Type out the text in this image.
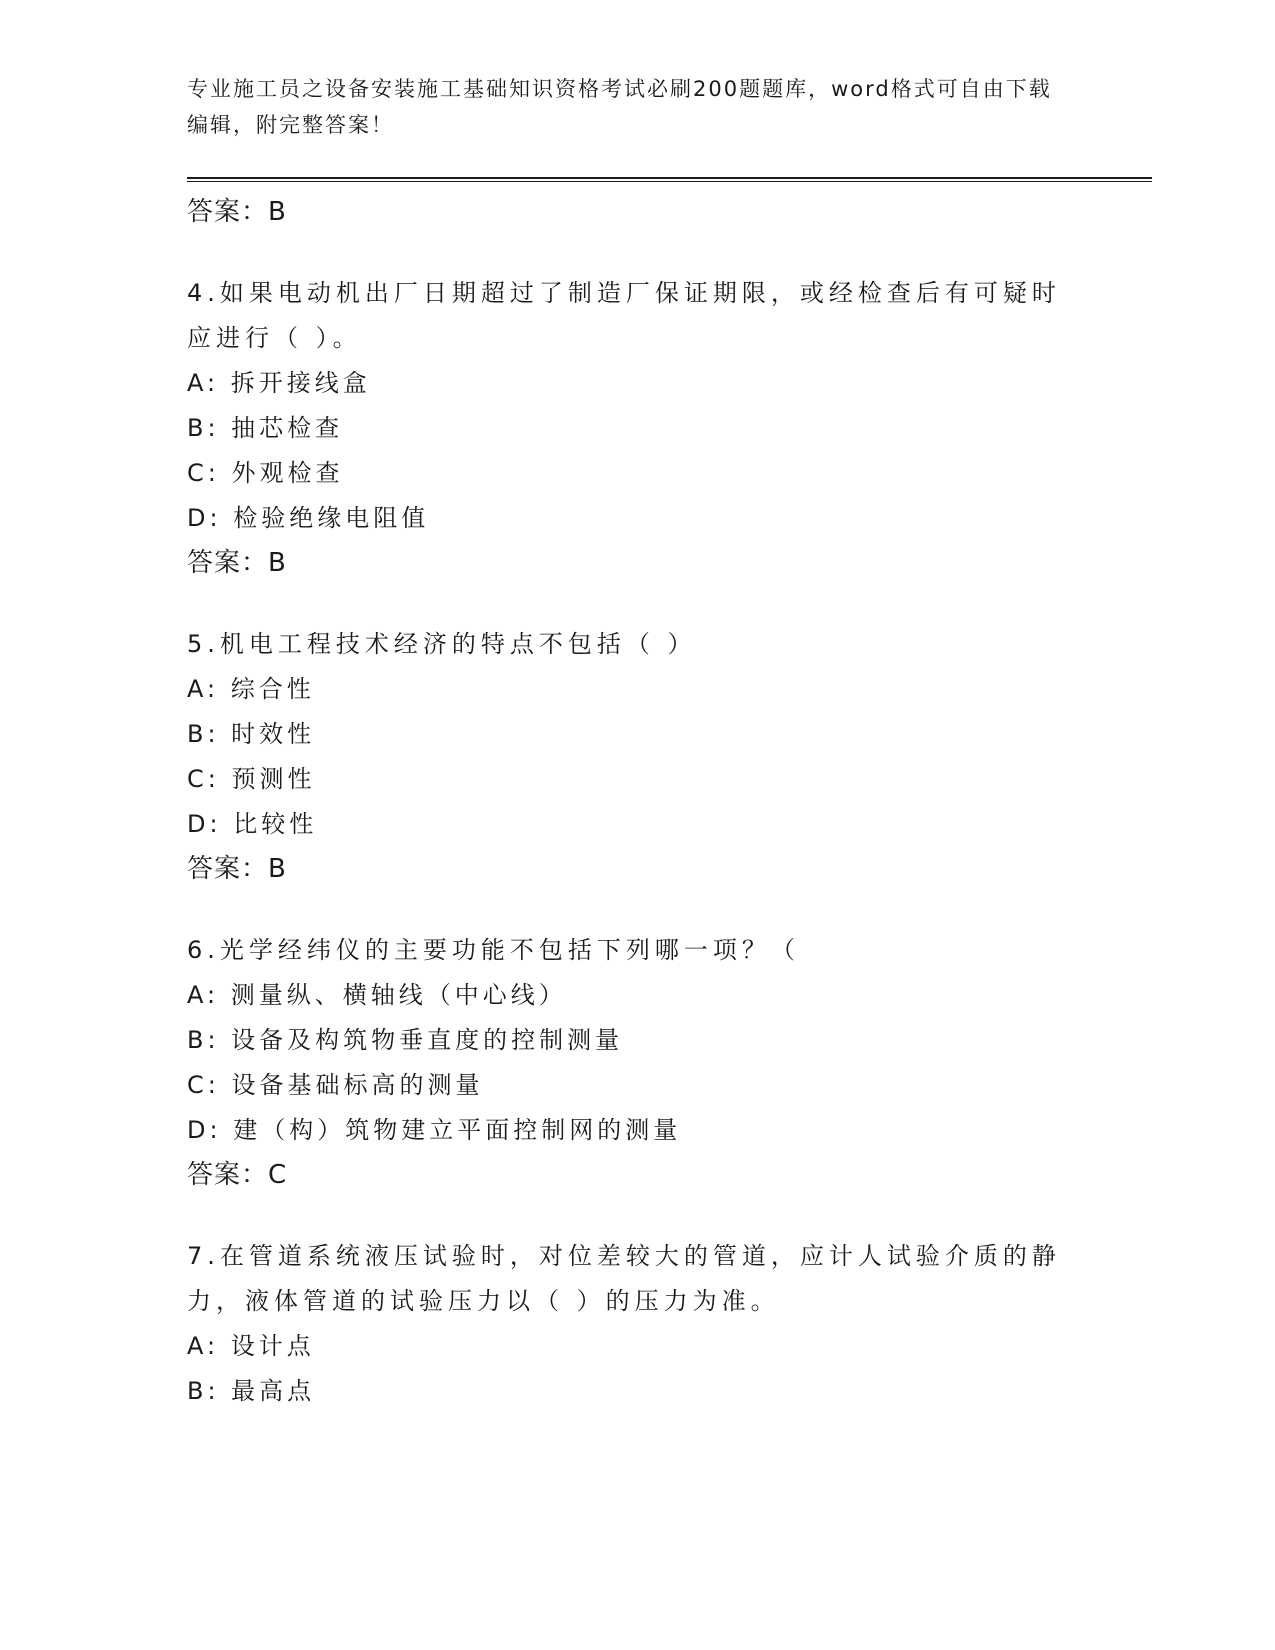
专业施工员之设备安装施工基础知识资格考试必刷200题题库，word格式可自由下载编辑，附完整答案！

答案：B
4.如果电动机出厂日期超过了制造厂保证期限，或经检查后有可疑时应进行（ ）。
A: 拆开接线盒
B: 抽芯检查
C: 外观检查
D: 检验绝缘电阻值
答案：B
5.机电工程技术经济的特点不包括（ ）
A: 综合性
B: 时效性
C: 预测性
D: 比较性
答案：B
6.光学经纬仪的主要功能不包括下列哪一项？（
A: 测量纵、横轴线（中心线）
B: 设备及构筑物垂直度的控制测量
C: 设备基础标高的测量
D: 建（构）筑物建立平面控制网的测量
答案：C
7.在管道系统液压试验时，对位差较大的管道，应计人试验介质的静力，液体管道的试验压力以（ ）的压力为准。
A: 设计点
B: 最高点
